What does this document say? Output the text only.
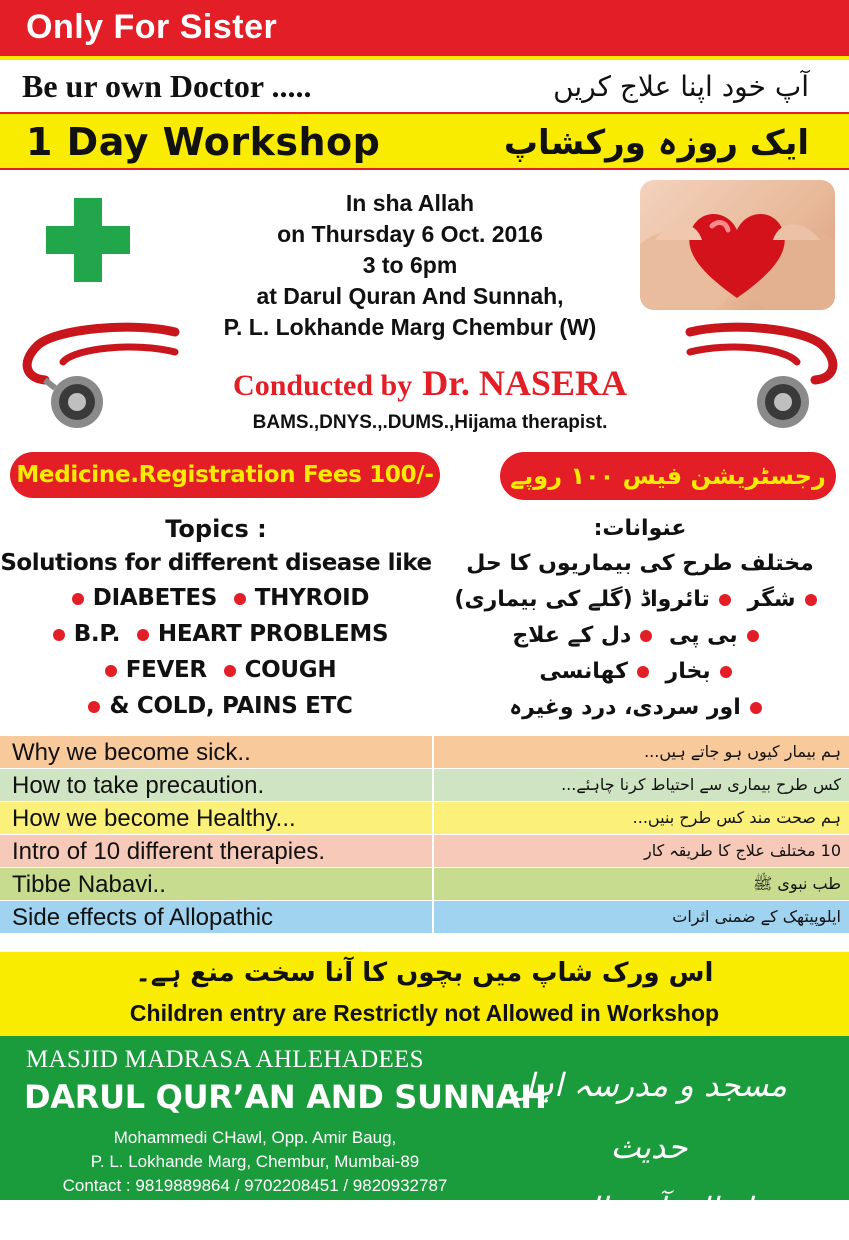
Only For Sister
Be ur own Doctor .....	آپ خود اپنا علاج کریں
1 Day Workshop	ایک روزہ ورکشاپ
In sha Allah
on Thursday 6 Oct. 2016
3 to 6pm
at Darul Quran And Sunnah,
P. L. Lokhande Marg Chembur (W)
Conducted by Dr. NASERA
BAMS.,DNYS.,.DUMS.,Hijama therapist.
Medicine.Registration Fees 100/-	رجسٹریشن فیس ۱۰۰ روپے
Topics :
Solutions for different disease like
DIABETES THYROID
B.P. HEART PROBLEMS
FEVER COUGH
& COLD, PAINS ETC
عنوانات:
مختلف طرح کی بیماریوں کا حل
شگر تائرواڈ (گلے کی بیماری)
بی پی دل کے علاج
بخار کھانسی
اور سردی، درد وغیرہ
Why we become sick..	ہم بیمار کیوں ہو جاتے ہیں...
How to take precaution.	کس طرح بیماری سے احتیاط کرنا چاہئے...
How we become Healthy...	ہم صحت مند کس طرح بنیں...
Intro of 10 different therapies.	10 مختلف علاج کا طریقہ کار
Tibbe Nabavi..	طب نبوی ﷺ
Side effects of Allopathic	ایلوپیتھک کے ضمنی اثرات
اس ورک شاپ میں بچوں کا آنا سخت منع ہے۔
Children entry are Restrictly not Allowed in Workshop
MASJID MADRASA AHLEHADEES
DARUL QUR’AN AND SUNNAH
Mohammedi CHawl, Opp. Amir Baug,
P. L. Lokhande Marg, Chembur, Mumbai-89
Contact : 9819889864 / 9702208451 / 9820932787
مسجد و مدرسہ اہل حدیث
دار القرآن والسنۃ
